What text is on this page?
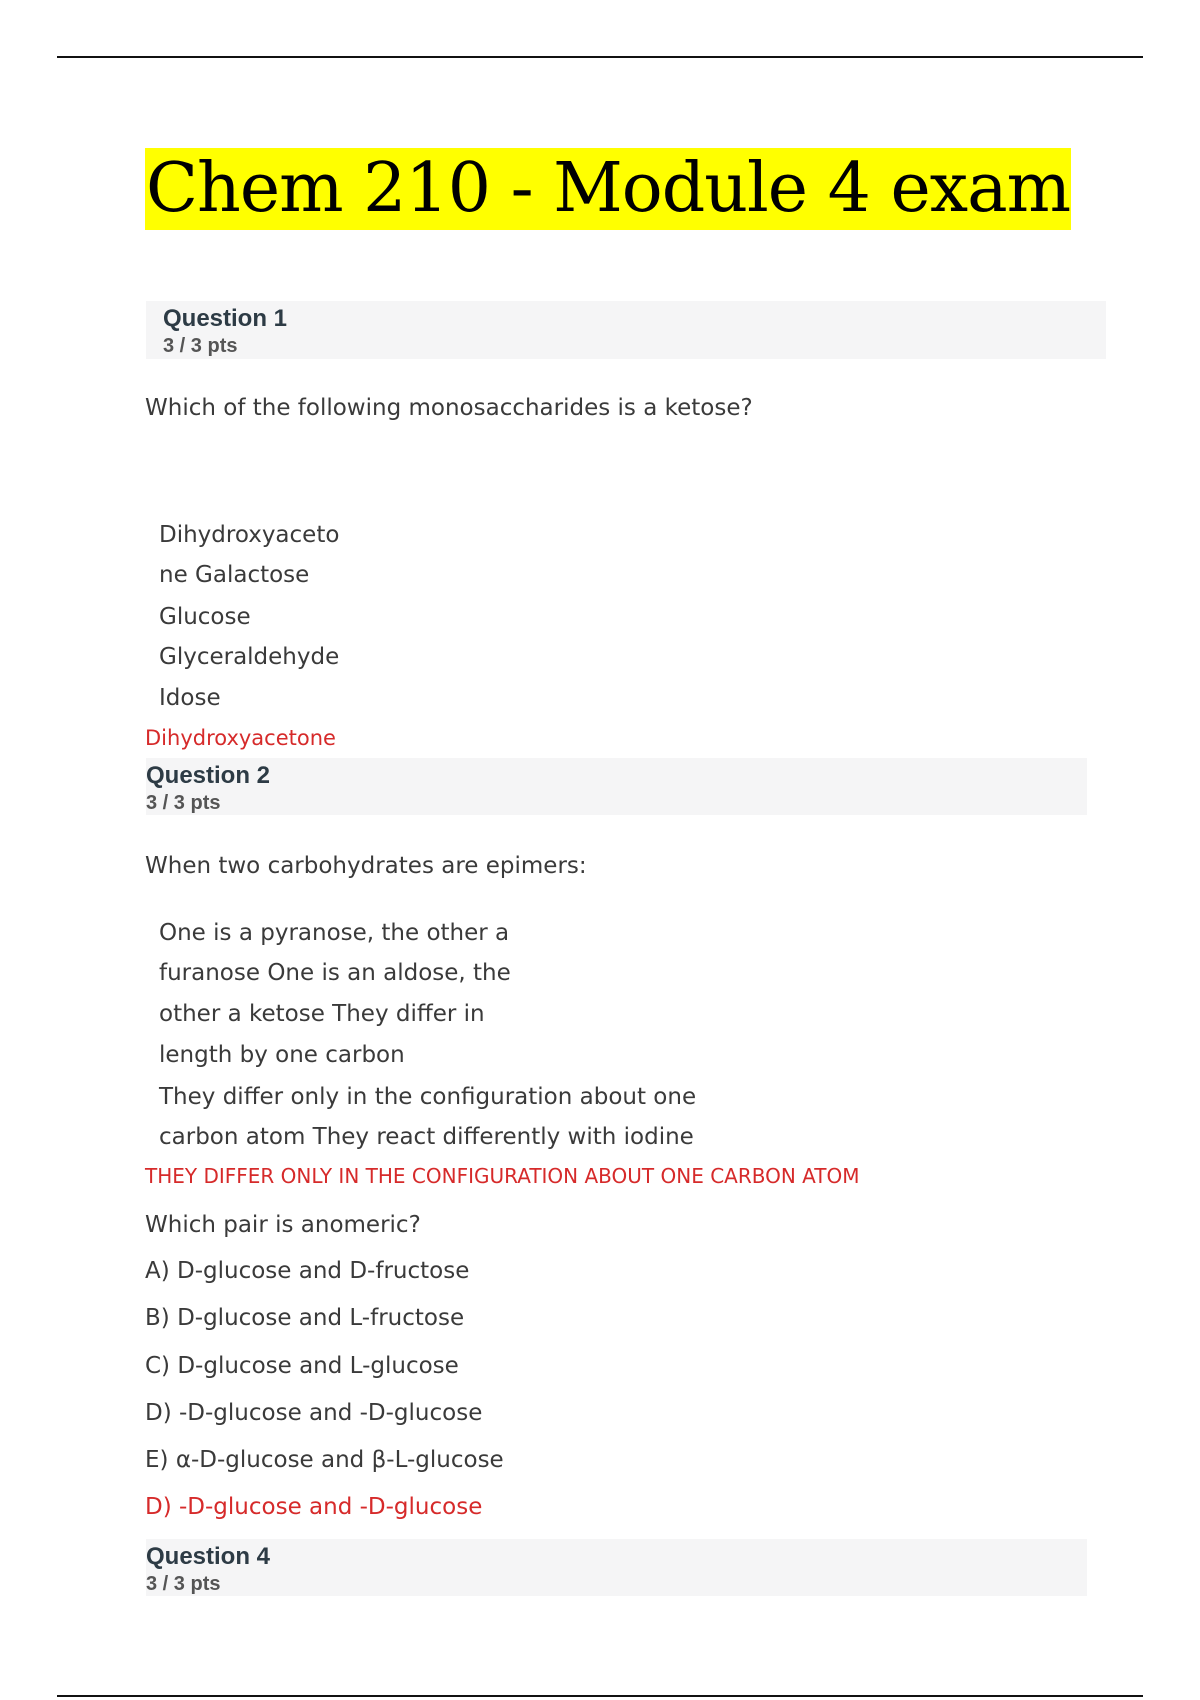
Chem 210 - Module 4 exam
Question 1
3 / 3 pts
Which of the following monosaccharides is a ketose?
Dihydroxyaceto
ne Galactose
Glucose
Glyceraldehyde
Idose
Dihydroxyacetone
Question 2
3 / 3 pts
When two carbohydrates are epimers:
One is a pyranose, the other a
furanose One is an aldose, the
other a ketose They differ in
length by one carbon
They differ only in the configuration about one
carbon atom They react differently with iodine
THEY DIFFER ONLY IN THE CONFIGURATION ABOUT ONE CARBON ATOM
Which pair is anomeric?
A) D-glucose and D-fructose
B) D-glucose and L-fructose
C) D-glucose and L-glucose
D) -D-glucose and -D-glucose
E) α-D-glucose and β-L-glucose
D) -D-glucose and -D-glucose
Question 4
3 / 3 pts
